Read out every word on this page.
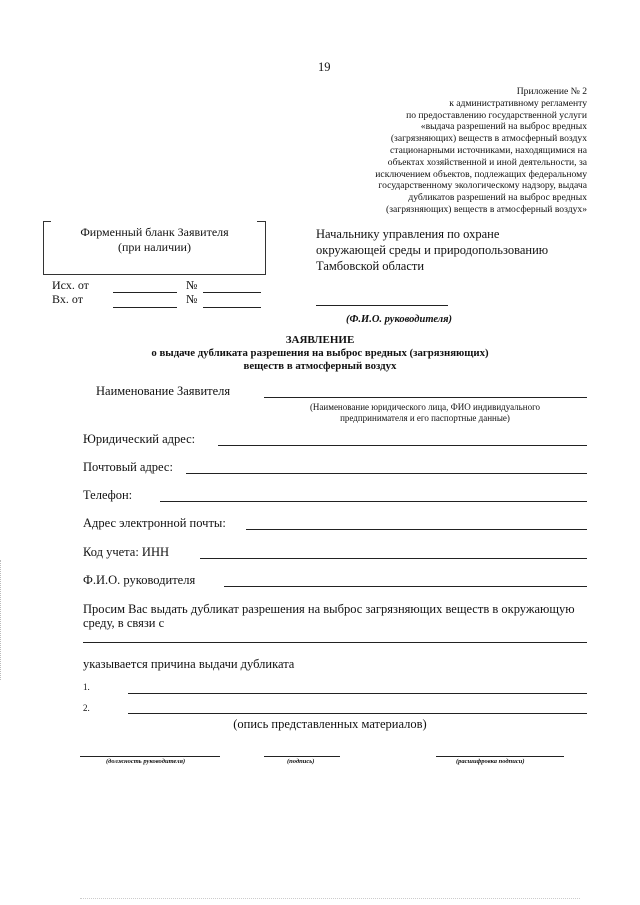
19
Приложение № 2
к административному регламенту
по предоставлению государственной услуги
«выдача разрешений на выброс вредных
(загрязняющих) веществ в атмосферный воздух
стационарными источниками, находящимися на
объектах хозяйственной и иной деятельности, за
исключением объектов, подлежащих федеральному
государственному экологическому надзору, выдача
дубликатов разрешений на выброс вредных
(загрязняющих) веществ в атмосферный воздух»
Фирменный бланк Заявителя
(при наличии)
Исх. от	№
Вх. от	№
Начальнику управления по охране
окружающей среды и природопользованию
Тамбовской области
(Ф.И.О. руководителя)
ЗАЯВЛЕНИЕ
о выдаче дубликата разрешения на выброс вредных (загрязняющих)
веществ в атмосферный воздух
Наименование Заявителя
(Наименование юридического лица, ФИО индивидуального
предпринимателя и его паспортные данные)
Юридический адрес:
Почтовый адрес:
Телефон:
Адрес электронной почты:
Код учета: ИНН
Ф.И.О. руководителя
Просим Вас выдать дубликат разрешения на выброс загрязняющих веществ в окружающую
среду, в связи с
указывается причина выдачи дубликата
1.
2.
(опись представленных материалов)
(должность руководителя)	(подпись)	(расшифровка подписи)
